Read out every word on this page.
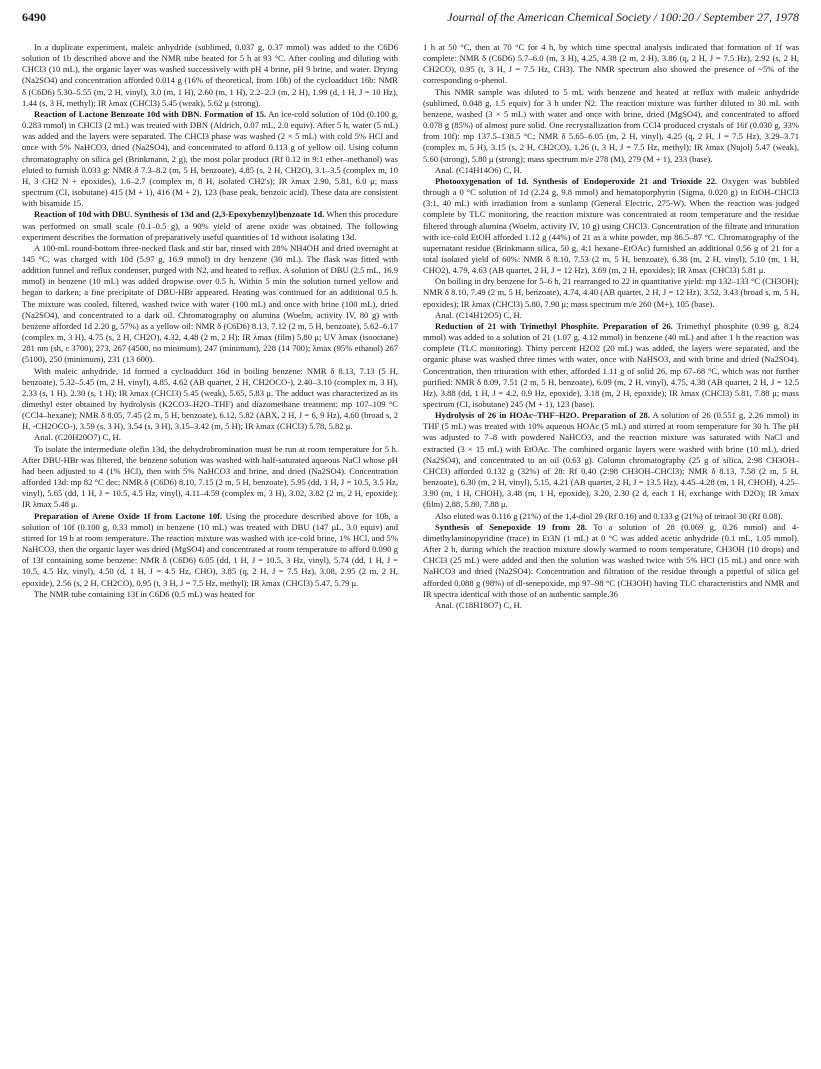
6490	Journal of the American Chemical Society / 100:20 / September 27, 1978

In a duplicate experiment, maleic anhydride (sublimed, 0.037 g, 0.37 mmol) was added to the C6D6 solution of 1b described above and the NMR tube heated for 5 h at 93 °C. After cooling and diluting with CHCl3 (10 mL), the organic layer was washed successively with pH 4 brine, pH 9 brine, and water. Drying (Na2SO4) and concentration afforded 0.014 g (16% of theoretical, from 10b) of the cycloadduct 16b: NMR δ (C6D6) 5.30–5.55 (m, 2 H, vinyl), 3.0 (m, 1 H), 2.60 (m, 1 H), 2.2–2.3 (m, 2 H), 1.99 (d, 1 H, J = 10 Hz), 1.44 (s, 3 H, methyl); IR λmax (CHCl3) 5.45 (weak), 5.62 μ (strong).

Reaction of Lactone Benzoate 10d with DBN. Formation of 15. An ice-cold solution of 10d (0.100 g, 0.283 mmol) in CHCl3 (2 mL) was treated with DBN (Aldrich, 0.07 mL, 2.0 equiv). After 5 h, water (5 mL) was added and the layers were separated. The CHCl3 phase was washed (2 × 5 mL) with cold 5% HCl and once with 5% NaHCO3, dried (Na2SO4), and concentrated to afford 0.113 g of yellow oil. Using column chromatography on silica gel (Brinkmann, 2 g), the most polar product (Rf 0.12 in 9:1 ether–methanol) was eluted to furnish 0.033 g: NMR δ 7.3–8.2 (m, 5 H, benzoate), 4.85 (s, 2 H, CH2O), 3.1–3.5 (complex m, 10 H, 3 CH2 N + epoxides), 1.6–2.7 (complex m, 8 H, isolated CH2's); IR λmax 2.90, 5.81, 6.0 μ; mass spectrum (CI, isobutane) 415 (M + 1), 416 (M + 2), 123 (base peak, benzoic acid). These data are consistent with bisamide 15.

Reaction of 10d with DBU. Synthesis of 13d and (2,3-Epoxybenzyl)benzoate 1d. When this procedure was performed on small scale (0.1–0.5 g), a 90% yield of arene oxide was obtained. The following experiment describes the formation of preparatively useful quantities of 1d without isolating 13d.

A 100-mL round-bottom three-necked flask and stir bar, rinsed with 28% NH4OH and dried overnight at 145 °C, was charged with 10d (5.97 g, 16.9 mmol) in dry benzene (30 mL). The flask was fitted with addition funnel and reflux condenser, purged with N2, and heated to reflux. A solution of DBU (2.5 mL, 16.9 mmol) in benzene (10 mL) was added dropwise over 0.5 h. Within 5 min the solution turned yellow and began to darken; a fine precipitate of DBU-HBr appeared. Heating was continued for an additional 0.5 h. The mixture was cooled, filtered, washed twice with water (100 mL) and once with brine (100 mL), dried (Na2SO4), and concentrated to a dark oil. Chromatography on alumina (Woelm, activity IV, 80 g) with benzene afforded 1d 2.20 g, 57%) as a yellow oil: NMR δ (C6D6) 8.13, 7.12 (2 m, 5 H, benzoate), 5.62–6.17 (complex m, 3 H), 4.75 (s, 2 H, CH2O), 4.32, 4.48 (2 m, 2 H); IR λmax (film) 5.80 μ; UV λmax (isooctane) 281 nm (sh, ε 3700), 273, 267 (4500, no minimum), 247 (minimum), 228 (14 700); λmax (95% ethanol) 267 (5100), 250 (minimum), 231 (13 600).

With maleic anhydride, 1d formed a cycloadduct 16d in boiling benzene: NMR δ 8.13, 7.13 (5 H, benzoate), 5.32–5.45 (m, 2 H, vinyl), 4.85, 4.62 (AB quartet, 2 H, CH2OCO-), 2.40–3.10 (complex m, 3 H), 2.33 (s, 1 H), 2.30 (s, 1 H); IR λmax (CHCl3) 5.45 (weak), 5.65, 5.83 μ. The adduct was characterized as its dimethyl ester obtained by hydrolysis (K2CO3–H2O–THF) and diazomethane treatment: mp 107–109 °C (CCl4–hexane); NMR δ 8.05, 7.45 (2 m, 5 H, benzoate), 6.12, 5.82 (ABX, 2 H, J = 6, 9 Hz), 4.60 (broad s, 2 H, -CH2OCO-), 3.59 (s, 3 H), 3.54 (s, 3 H), 3.15–3.42 (m, 5 H); IR λmax (CHCl3) 5.78, 5.82 μ.

Anal. (C20H20O7) C, H.

To isolate the intermediate olefin 13d, the dehydrobromination must be run at room temperature for 5 h. After DBU-HBr was filtered, the benzene solution was washed with half-saturated aqueous NaCl whose pH had been adjusted to 4 (1% HCl), then with 5% NaHCO3 and brine, and dried (Na2SO4). Concentration afforded 13d: mp 82 °C dec; NMR δ (C6D6) 8.10, 7.15 (2 m, 5 H, benzoate), 5.95 (dd, 1 H, J = 10.5, 3.5 Hz, vinyl), 5.65 (dd, 1 H, J = 10.5, 4.5 Hz, vinyl), 4.11–4.59 (complex m, 3 H), 3.02, 3.82 (2 m, 2 H, epoxide); IR λmax 5.48 μ.

Preparation of Arene Oxide 1f from Lactone 10f. Using the procedure described above for 10b, a solution of 10f (0.100 g, 0.33 mmol) in benzene (10 mL) was treated with DBU (147 μL, 3.0 equiv) and stirred for 19 h at room temperature. The reaction mixture was washed with ice-cold brine, 1% HCl, and 5% NaHCO3, then the organic layer was dried (MgSO4) and concentrated at room temperature to afford 0.090 g of 13f containing some benzene: NMR δ (C6D6) 6.05 (dd, 1 H, J = 10.5, 3 Hz, vinyl), 5.74 (dd, 1 H, J = 10.5, 4.5 Hz, vinyl), 4.50 (d, 1 H, J = 4.5 Hz, CHO), 3.85 (q, 2 H, J = 7.5 Hz), 3.08, 2.95 (2 m, 2 H, epoxide), 2.56 (s, 2 H, CH2CO), 0.95 (t, 3 H, J = 7.5 Hz, methyl); IR λmax (CHCl3) 5.47, 5.79 μ.

The NMR tube containing 13f in C6D6 (0.5 mL) was heated for

1 h at 50 °C, then at 70 °C for 4 h, by which time spectral analysis indicated that formation of 1f was complete: NMR δ (C6D6) 5.7–6.0 (m, 3 H), 4.25, 4.38 (2 m, 2 H), 3.86 (q, 2 H, J = 7.5 Hz), 2.92 (s, 2 H, CH2CO), 0.95 (t, 3 H, J = 7.5 Hz, CH3). The NMR spectrum also showed the presence of ~5% of the corresponding o-phenol.

This NMR sample was diluted to 5 mL with benzene and heated at reflux with maleic anhydride (sublimed, 0.048 g, 1.5 equiv) for 3 h under N2. The reaction mixture was further diluted to 30 mL with benzene, washed (3 × 5 mL) with water and once with brine, dried (MgSO4), and concentrated to afford 0.078 g (85%) of almost pure solid. One recrystallization from CCl4 produced crystals of 16f (0.030 g, 33% from 10f): mp 137.5–138.5 °C; NMR δ 5.65–6.05 (m, 2 H, vinyl), 4.25 (q, 2 H, J = 7.5 Hz), 3.29–3.71 (complex m, 5 H), 3.15 (s, 2 H, CH2CO), 1.26 (t, 3 H, J = 7.5 Hz, methyl); IR λmax (Nujol) 5.47 (weak), 5.60 (strong), 5.80 μ (strong); mass spectrum m/e 278 (M), 279 (M + 1), 233 (base).

Anal. (C14H14O6) C, H.

Photooxygenation of 1d. Synthesis of Endoperoxide 21 and Trioxide 22. Oxygen was bubbled through a 0 °C solution of 1d (2.24 g, 9.8 mmol) and hematoporphyrin (Sigma, 0.020 g) in EtOH–CHCl3 (3:1, 40 mL) with irradiation from a sunlamp (General Electric, 275-W). When the reaction was judged complete by TLC monitoring, the reaction mixture was concentrated at room temperature and the residue filtered through alumina (Woelm, activity IV, 10 g) using CHCl3. Concentration of the filtrate and trituration with ice-cold EtOH afforded 1.12 g (44%) of 21 as a white powder, mp 86.5–87 °C. Chromatography of the supernatant residue (Brinkmann silica, 50 g, 4:1 hexane–EtOAc) furnished an additional 0.56 g of 21 for a total isolated yield of 60%: NMR δ 8.10, 7.53 (2 m, 5 H, benzoate), 6.38 (m, 2 H, vinyl), 5.10 (m, 1 H, CHO2), 4.79, 4.63 (AB quartet, 2 H, J = 12 Hz), 3.69 (m, 2 H, epoxides); IR λmax (CHCl3) 5.81 μ.

On boiling in dry benzene for 5–6 h, 21 rearranged to 22 in quantitative yield: mp 132–133 °C (CH3OH); NMR δ 8.10, 7.49 (2 m, 5 H, benzoate), 4.74, 4.40 (AB quartet, 2 H, J = 12 Hz), 3.52, 3.43 (broad s, m, 5 H, epoxides); IR λmax (CHCl3) 5.80, 7.90 μ; mass spectrum m/e 260 (M+), 105 (base).

Anal. (C14H12O5) C, H.

Reduction of 21 with Trimethyl Phosphite. Preparation of 26. Trimethyl phosphite (0.99 g, 8.24 mmol) was added to a solution of 21 (1.07 g, 4.12 mmol) in benzene (40 mL) and after 1 h the reaction was complete (TLC monitoring). Thirty percent H2O2 (20 mL) was added, the layers were separated, and the organic phase was washed three times with water, once with NaHSO3, and with brine and dried (Na2SO4). Concentration, then trituration with ether, afforded 1.11 g of solid 26, mp 67–68 °C, which was not further purified: NMR δ 8.09, 7.51 (2 m, 5 H, benzoate), 6.09 (m, 2 H, vinyl), 4.75, 4.38 (AB quartet, 2 H, J = 12.5 Hz), 3.88 (dd, 1 H, J = 4.2, 0.9 Hz, epoxide), 3.18 (m, 2 H, epoxide); IR λmax (CHCl3) 5.81, 7.88 μ; mass spectrum (CI, isobutane) 245 (M + 1), 123 (base).

Hydrolysis of 26 in HOAc–THF–H2O. Preparation of 28. A solution of 26 (0.551 g, 2.26 mmol) in THF (5 mL) was treated with 10% aqueous HOAc (5 mL) and stirred at room temperature for 30 h. The pH was adjusted to 7–8 with powdered NaHCO3, and the reaction mixture was saturated with NaCl and extracted (3 × 15 mL) with EtOAc. The combined organic layers were washed with brine (10 mL), dried (Na2SO4), and concentrated to an oil (0.63 g). Column chromatography (25 g of silica, 2:98 CH3OH–CHCl3) afforded 0.132 g (32%) of 28: Rf 0.40 (2:98 CH3OH–CHCl3); NMR δ 8.13, 7.58 (2 m, 5 H, benzoate), 6.30 (m, 2 H, vinyl), 5.15, 4.21 (AB quartet, 2 H, J = 13.5 Hz), 4.45–4.28 (m, 1 H, CHOH), 4.25–3.90 (m, 1 H, CHOH), 3.48 (m, 1 H, epoxide), 3.20, 2.30 (2 d, each 1 H, exchange with D2O); IR λmax (film) 2.88, 5.80, 7.88 μ.

Also eluted was 0.116 g (21%) of the 1,4-diol 29 (Rf 0.16) and 0.133 g (21%) of tetraol 30 (Rf 0.08).

Synthesis of Senepoxide 19 from 28. To a solution of 28 (0.069 g, 0.26 mmol) and 4-dimethylaminopyridine (trace) in Et3N (1 mL) at 0 °C was added acetic anhydride (0.1 mL, 1.05 mmol). After 2 h, during which the reaction mixture slowly warmed to room temperature, CH3OH (10 drops) and CHCl3 (25 mL) were added and then the solution was washed twice with 5% HCl (15 mL) and once with NaHCO3 and dried (Na2SO4). Concentration and filtration of the residue through a pipetful of silica gel afforded 0.088 g (98%) of dl-senepoxide, mp 97–98 °C (CH3OH) having TLC characteristics and NMR and IR spectra identical with those of an authentic sample.36

Anal. (C18H18O7) C, H.
